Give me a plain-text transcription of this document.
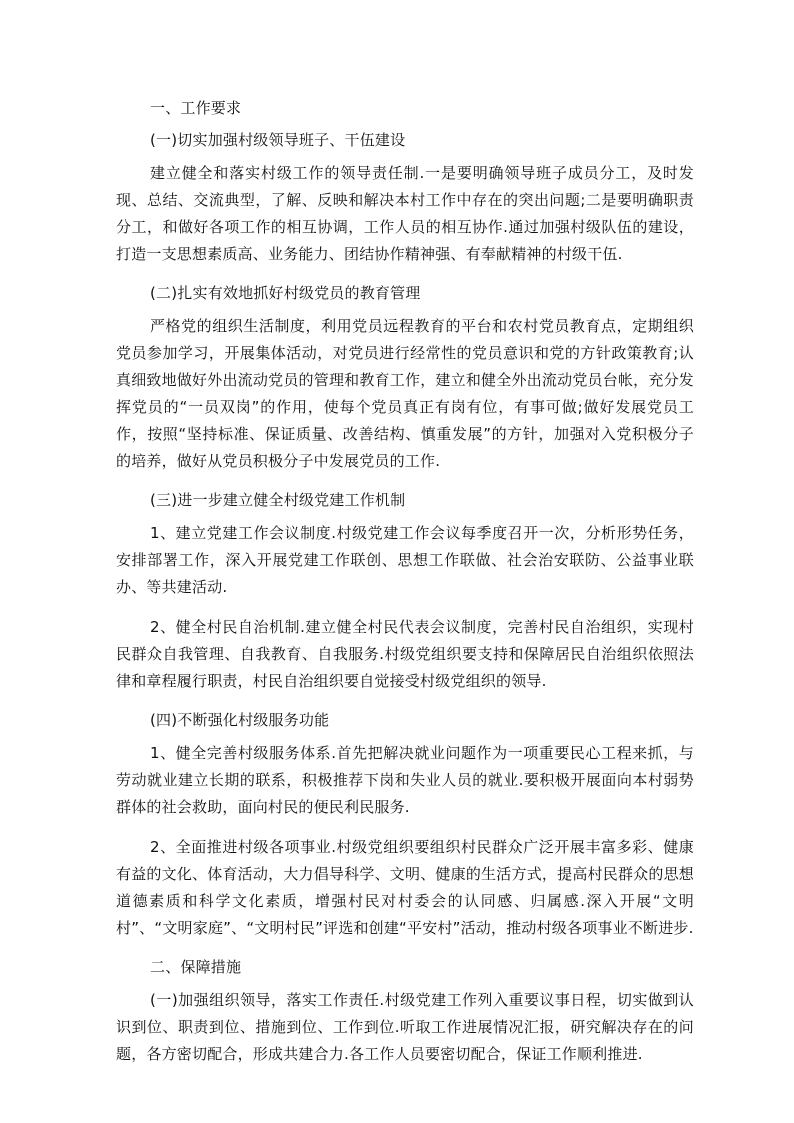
一、工作要求

(一)切实加强村级领导班子、干伍建设

建立健全和落实村级工作的领导责任制.一是要明确领导班子成员分工，及时发现、总结、交流典型，了解、反映和解决本村工作中存在的突出问题;二是要明确职责分工，和做好各项工作的相互协调，工作人员的相互协作.通过加强村级队伍的建设，打造一支思想素质高、业务能力、团结协作精神强、有奉献精神的村级干伍.

(二)扎实有效地抓好村级党员的教育管理

严格党的组织生活制度，利用党员远程教育的平台和农村党员教育点，定期组织党员参加学习，开展集体活动，对党员进行经常性的党员意识和党的方针政策教育;认真细致地做好外出流动党员的管理和教育工作，建立和健全外出流动党员台帐，充分发挥党员的“一员双岗”的作用，使每个党员真正有岗有位，有事可做;做好发展党员工作，按照“坚持标准、保证质量、改善结构、慎重发展”的方针，加强对入党积极分子的培养，做好从党员积极分子中发展党员的工作.

(三)进一步建立健全村级党建工作机制

1、建立党建工作会议制度.村级党建工作会议每季度召开一次，分析形势任务，安排部署工作，深入开展党建工作联创、思想工作联做、社会治安联防、公益事业联办、等共建活动.

2、健全村民自治机制.建立健全村民代表会议制度，完善村民自治组织，实现村民群众自我管理、自我教育、自我服务.村级党组织要支持和保障居民自治组织依照法律和章程履行职责，村民自治组织要自觉接受村级党组织的领导.

(四)不断强化村级服务功能

1、健全完善村级服务体系.首先把解决就业问题作为一项重要民心工程来抓，与劳动就业建立长期的联系，积极推荐下岗和失业人员的就业.要积极开展面向本村弱势群体的社会救助，面向村民的便民利民服务.

2、全面推进村级各项事业.村级党组织要组织村民群众广泛开展丰富多彩、健康有益的文化、体育活动，大力倡导科学、文明、健康的生活方式，提高村民群众的思想道德素质和科学文化素质，增强村民对村委会的认同感、归属感.深入开展“文明村”、“文明家庭”、“文明村民”评选和创建“平安村”活动，推动村级各项事业不断进步.

二、保障措施

(一)加强组织领导，落实工作责任.村级党建工作列入重要议事日程，切实做到认识到位、职责到位、措施到位、工作到位.听取工作进展情况汇报，研究解决存在的问题，各方密切配合，形成共建合力.各工作人员要密切配合，保证工作顺利推进.
